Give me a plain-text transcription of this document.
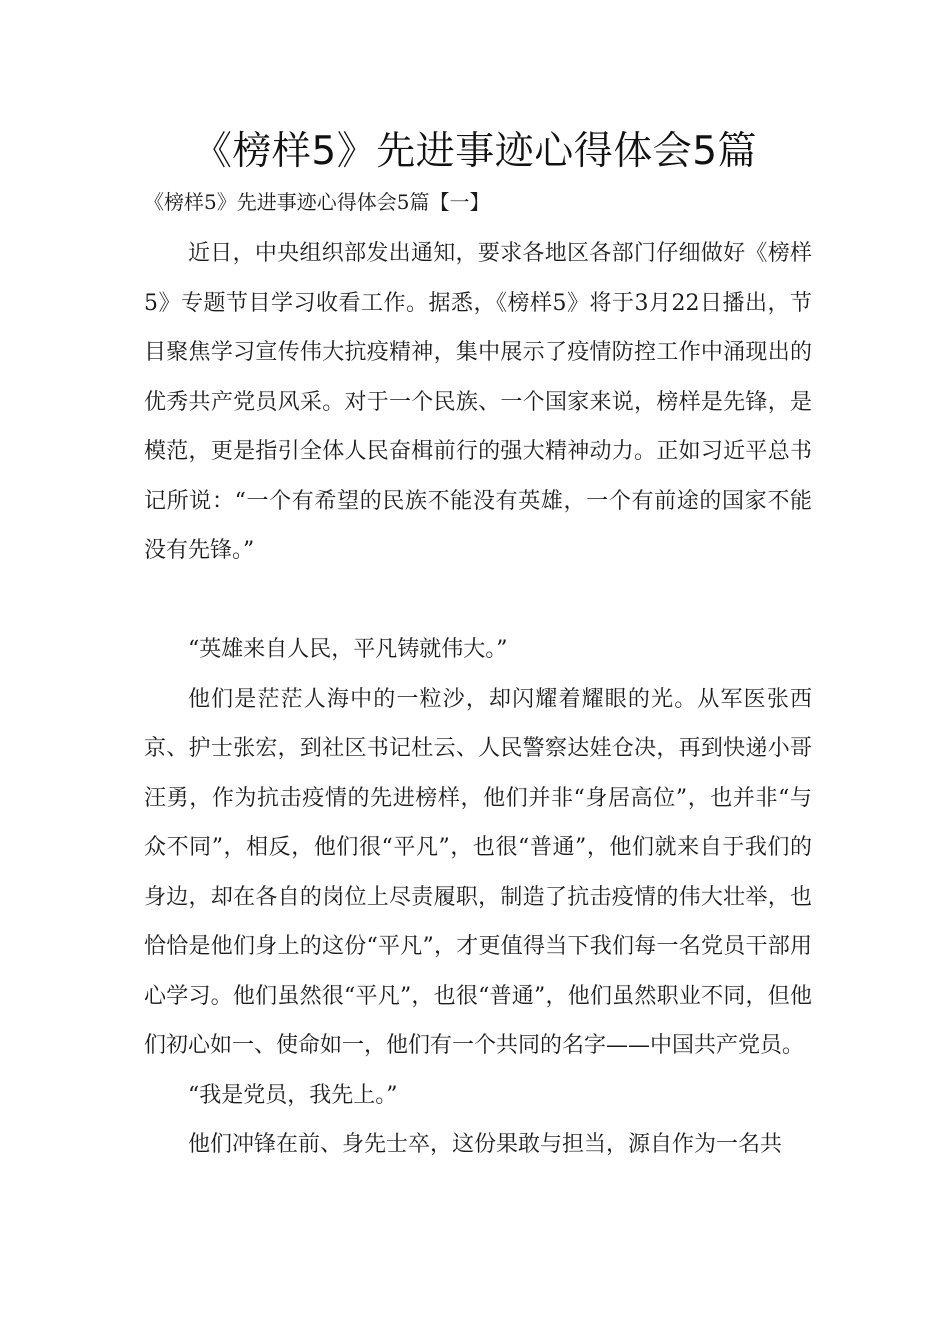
《榜样5》先进事迹心得体会5篇

《榜样5》先进事迹心得体会5篇【一】

近日，中央组织部发出通知，要求各地区各部门仔细做好《榜样5》专题节目学习收看工作。据悉，《榜样5》将于3月22日播出，节目聚焦学习宣传伟大抗疫精神，集中展示了疫情防控工作中涌现出的优秀共产党员风采。对于一个民族、一个国家来说，榜样是先锋，是模范，更是指引全体人民奋楫前行的强大精神动力。正如习近平总书记所说：“一个有希望的民族不能没有英雄，一个有前途的国家不能没有先锋。”

“英雄来自人民，平凡铸就伟大。”

他们是茫茫人海中的一粒沙，却闪耀着耀眼的光。从军医张西京、护士张宏，到社区书记杜云、人民警察达娃仓决，再到快递小哥汪勇，作为抗击疫情的先进榜样，他们并非“身居高位”，也并非“与众不同”，相反，他们很“平凡”，也很“普通”，他们就来自于我们的身边，却在各自的岗位上尽责履职，制造了抗击疫情的伟大壮举，也恰恰是他们身上的这份“平凡”，才更值得当下我们每一名党员干部用心学习。他们虽然很“平凡”，也很“普通”，他们虽然职业不同，但他们初心如一、使命如一，他们有一个共同的名字——中国共产党员。

“我是党员，我先上。”

他们冲锋在前、身先士卒，这份果敢与担当，源自作为一名共
